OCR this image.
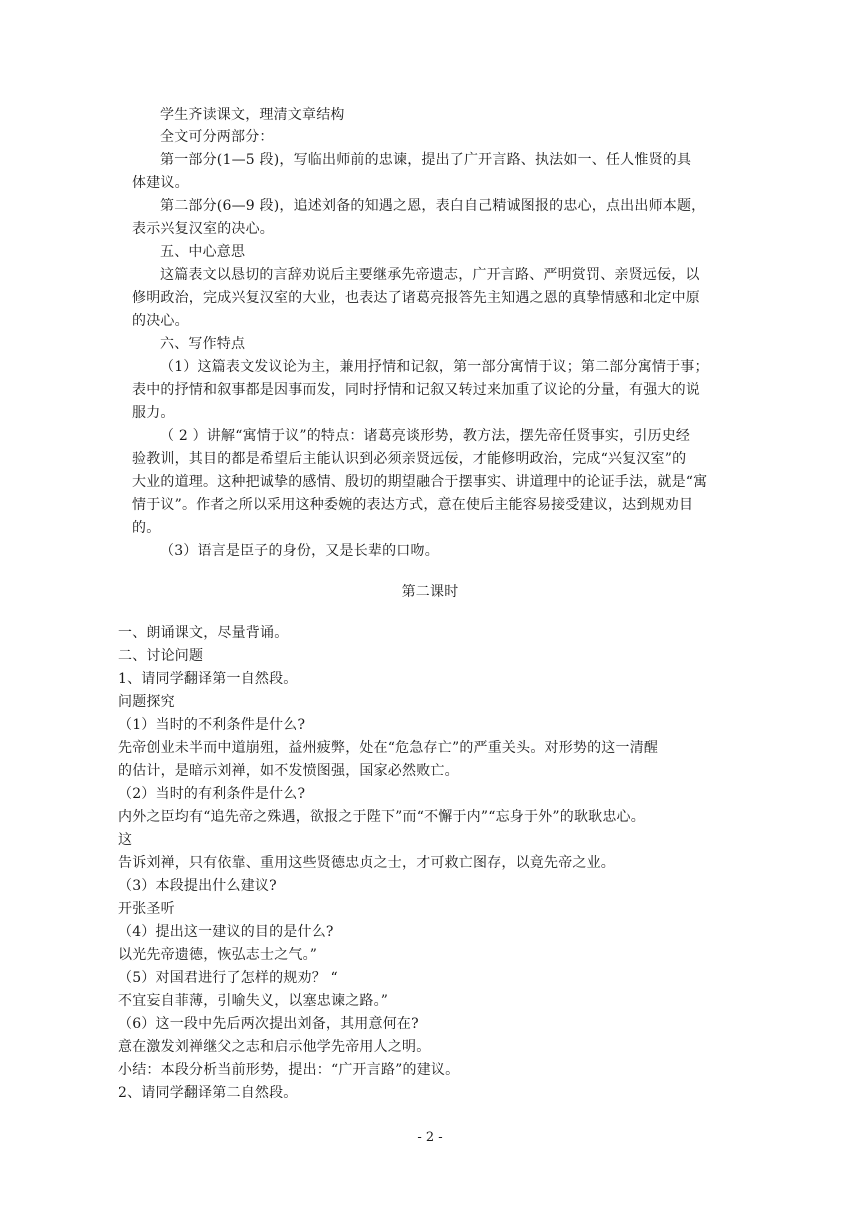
学生齐读课文，理清文章结构
全文可分两部分：
第一部分(1—5 段)，写临出师前的忠谏，提出了广开言路、执法如一、任人惟贤的具
体建议。
第二部分(6—9 段)，追述刘备的知遇之恩，表白自己精诚图报的忠心，点出出师本题，
表示兴复汉室的决心。
五、中心意思
这篇表文以恳切的言辞劝说后主要继承先帝遗志，广开言路、严明赏罚、亲贤远佞，以
修明政治，完成兴复汉室的大业，也表达了诸葛亮报答先主知遇之恩的真挚情感和北定中原
的决心。
六、写作特点
（1）这篇表文发议论为主，兼用抒情和记叙，第一部分寓情于议；第二部分寓情于事；
表中的抒情和叙事都是因事而发，同时抒情和记叙又转过来加重了议论的分量，有强大的说
服力。
（ 2 ）讲解“寓情于议”的特点：诸葛亮谈形势，教方法，摆先帝任贤事实，引历史经
验教训，其目的都是希望后主能认识到必须亲贤远佞，才能修明政治，完成“兴复汉室”的
大业的道理。这种把诚挚的感情、殷切的期望融合于摆事实、讲道理中的论证手法，就是“寓
情于议”。作者之所以采用这种委婉的表达方式，意在使后主能容易接受建议，达到规劝目
的。
（3）语言是臣子的身份，又是长辈的口吻。
第二课时
一、朗诵课文，尽量背诵。
二、讨论问题
1、请同学翻译第一自然段。
问题探究
（1）当时的不利条件是什么?
先帝创业未半而中道崩殂，益州疲弊，处在“危急存亡”的严重关头。对形势的这一清醒
的估计，是暗示刘禅，如不发愤图强，国家必然败亡。
（2）当时的有利条件是什么?
内外之臣均有“追先帝之殊遇，欲报之于陛下”而“不懈于内”“忘身于外”的耿耿忠心。
这
告诉刘禅，只有依靠、重用这些贤德忠贞之士，才可救亡图存，以竟先帝之业。
（3）本段提出什么建议?
开张圣听
（4）提出这一建议的目的是什么?
以光先帝遗德，恢弘志士之气。”
（5）对国君进行了怎样的规劝？ “
不宜妄自菲薄，引喻失义，以塞忠谏之路。”
（6）这一段中先后两次提出刘备，其用意何在?
意在激发刘禅继父之志和启示他学先帝用人之明。
小结：本段分析当前形势，提出：“广开言路”的建议。
2、请同学翻译第二自然段。
- 2 -
